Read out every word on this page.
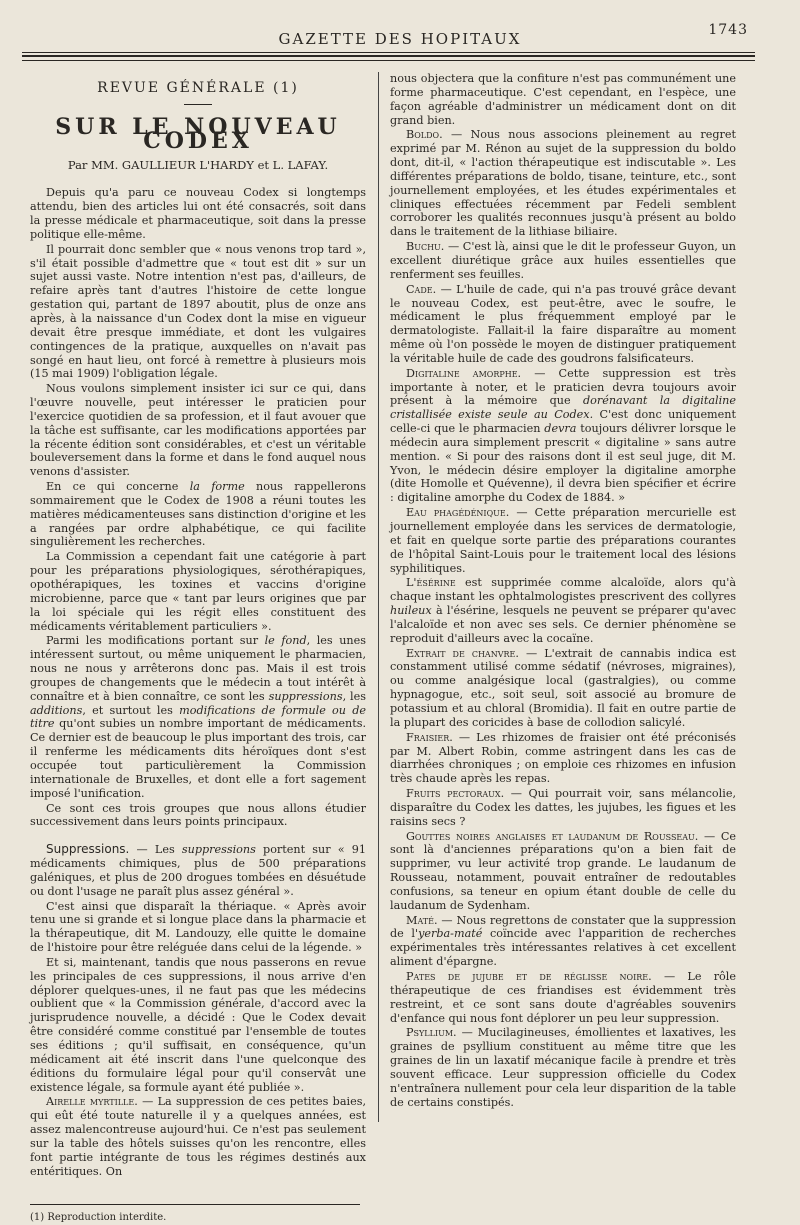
1743
GAZETTE DES HOPITAUX
REVUE GÉNÉRALE (1)
SUR LE NOUVEAU CODEX
Par MM. GAULLIEUR L'HARDY et L. LAFAY.

Depuis qu'a paru ce nouveau Codex si longtemps attendu, bien des articles lui ont été consacrés, soit dans la presse médicale et pharmaceutique, soit dans la presse politique elle-même.

Il pourrait donc sembler que « nous venons trop tard », s'il était possible d'admettre que « tout est dit » sur un sujet aussi vaste. Notre intention n'est pas, d'ailleurs, de refaire après tant d'autres l'histoire de cette longue gestation qui, partant de 1897 aboutit, plus de onze ans après, à la naissance d'un Codex dont la mise en vigueur devait être presque immédiate, et dont les vulgaires contingences de la pratique, auxquelles on n'avait pas songé en haut lieu, ont forcé à remettre à plusieurs mois (15 mai 1909) l'obligation légale.

Nous voulons simplement insister ici sur ce qui, dans l'œuvre nouvelle, peut intéresser le praticien pour l'exercice quotidien de sa profession, et il faut avouer que la tâche est suffisante, car les modifications apportées par la récente édition sont considérables, et c'est un véritable bouleversement dans la forme et dans le fond auquel nous venons d'assister.

En ce qui concerne la forme nous rappellerons sommairement que le Codex de 1908 a réuni toutes les matières médicamenteuses sans distinction d'origine et les a rangées par ordre alphabétique, ce qui facilite singulièrement les recherches.

La Commission a cependant fait une catégorie à part pour les préparations physiologiques, sérothérapiques, opothérapiques, les toxines et vaccins d'origine microbienne, parce que « tant par leurs origines que par la loi spéciale qui les régit elles constituent des médicaments véritablement particuliers ».

Parmi les modifications portant sur le fond, les unes intéressent surtout, ou même uniquement le pharmacien, nous ne nous y arrêterons donc pas. Mais il est trois groupes de changements que le médecin a tout intérêt à connaître et à bien connaître, ce sont les suppressions, les additions, et surtout les modifications de formule ou de titre qu'ont subies un nombre important de médicaments. Ce dernier est de beaucoup le plus important des trois, car il renferme les médicaments dits héroïques dont s'est occupée tout particulièrement la Commission internationale de Bruxelles, et dont elle a fort sagement imposé l'unification.

Ce sont ces trois groupes que nous allons étudier successivement dans leurs points principaux.

Suppressions. — Les suppressions portent sur « 91 médicaments chimiques, plus de 500 préparations galéniques, et plus de 200 drogues tombées en désuétude ou dont l'usage ne paraît plus assez général ».

C'est ainsi que disparaît la thériaque. « Après avoir tenu une si grande et si longue place dans la pharmacie et la thérapeutique, dit M. Landouzy, elle quitte le domaine de l'histoire pour être reléguée dans celui de la légende. »

Et si, maintenant, tandis que nous passerons en revue les principales de ces suppressions, il nous arrive d'en déplorer quelques-unes, il ne faut pas que les médecins oublient que « la Commission générale, d'accord avec la jurisprudence nouvelle, a décidé : Que le Codex devait être considéré comme constitué par l'ensemble de toutes ses éditions ; qu'il suffisait, en conséquence, qu'un médicament ait été inscrit dans l'une quelconque des éditions du formulaire légal pour qu'il conservât une existence légale, sa formule ayant été publiée ».

Airelle myrtille. — La suppression de ces petites baies, qui eût été toute naturelle il y a quelques années, est assez malencontreuse aujourd'hui. Ce n'est pas seulement sur la table des hôtels suisses qu'on les rencontre, elles font partie intégrante de tous les régimes destinés aux entéritiques. On

(1) Reproduction interdite.

nous objectera que la confiture n'est pas communément une forme pharmaceutique. C'est cependant, en l'espèce, une façon agréable d'administrer un médicament dont on dit grand bien.

Boldo. — Nous nous associons pleinement au regret exprimé par M. Rénon au sujet de la suppression du boldo dont, dit-il, « l'action thérapeutique est indiscutable ». Les différentes préparations de boldo, tisane, teinture, etc., sont journellement employées, et les études expérimentales et cliniques effectuées récemment par Fedeli semblent corroborer les qualités reconnues jusqu'à présent au boldo dans le traitement de la lithiase biliaire.

Buchu. — C'est là, ainsi que le dit le professeur Guyon, un excellent diurétique grâce aux huiles essentielles que renferment ses feuilles.

Cade. — L'huile de cade, qui n'a pas trouvé grâce devant le nouveau Codex, est peut-être, avec le soufre, le médicament le plus fréquemment employé par le dermatologiste. Fallait-il la faire disparaître au moment même où l'on possède le moyen de distinguer pratiquement la véritable huile de cade des goudrons falsificateurs.

Digitaline amorphe. — Cette suppression est très importante à noter, et le praticien devra toujours avoir présent à la mémoire que dorénavant la digitaline cristallisée existe seule au Codex. C'est donc uniquement celle-ci que le pharmacien devra toujours délivrer lorsque le médecin aura simplement prescrit « digitaline » sans autre mention. « Si pour des raisons dont il est seul juge, dit M. Yvon, le médecin désire employer la digitaline amorphe (dite Homolle et Quévenne), il devra bien spécifier et écrire : digitaline amorphe du Codex de 1884. »

Eau phagédénique. — Cette préparation mercurielle est journellement employée dans les services de dermatologie, et fait en quelque sorte partie des préparations courantes de l'hôpital Saint-Louis pour le traitement local des lésions syphilitiques.

L'ésérine est supprimée comme alcaloïde, alors qu'à chaque instant les ophtalmologistes prescrivent des collyres huileux à l'ésérine, lesquels ne peuvent se préparer qu'avec l'alcaloïde et non avec ses sels. Ce dernier phénomène se reproduit d'ailleurs avec la cocaïne.

Extrait de chanvre. — L'extrait de cannabis indica est constamment utilisé comme sédatif (névroses, migraines), ou comme analgésique local (gastralgies), ou comme hypnagogue, etc., soit seul, soit associé au bromure de potassium et au chloral (Bromidia). Il fait en outre partie de la plupart des coricides à base de collodion salicylé.

Fraisier. — Les rhizomes de fraisier ont été préconisés par M. Albert Robin, comme astringent dans les cas de diarrhées chroniques ; on emploie ces rhizomes en infusion très chaude après les repas.

Fruits pectoraux. — Qui pourrait voir, sans mélancolie, disparaître du Codex les dattes, les jujubes, les figues et les raisins secs ?

Gouttes noires anglaises et laudanum de Rousseau. — Ce sont là d'anciennes préparations qu'on a bien fait de supprimer, vu leur activité trop grande. Le laudanum de Rousseau, notamment, pouvait entraîner de redoutables confusions, sa teneur en opium étant double de celle du laudanum de Sydenham.

Maté. — Nous regrettons de constater que la suppression de l'yerba-maté coïncide avec l'apparition de recherches expérimentales très intéressantes relatives à cet excellent aliment d'épargne.

Pates de jujube et de réglisse noire. — Le rôle thérapeutique de ces friandises est évidemment très restreint, et ce sont sans doute d'agréables souvenirs d'enfance qui nous font déplorer un peu leur suppression.

Psyllium. — Mucilagineuses, émollientes et laxatives, les graines de psyllium constituent au même titre que les graines de lin un laxatif mécanique facile à prendre et très souvent efficace. Leur suppression officielle du Codex n'entraînera nullement pour cela leur disparition de la table de certains constipés.
